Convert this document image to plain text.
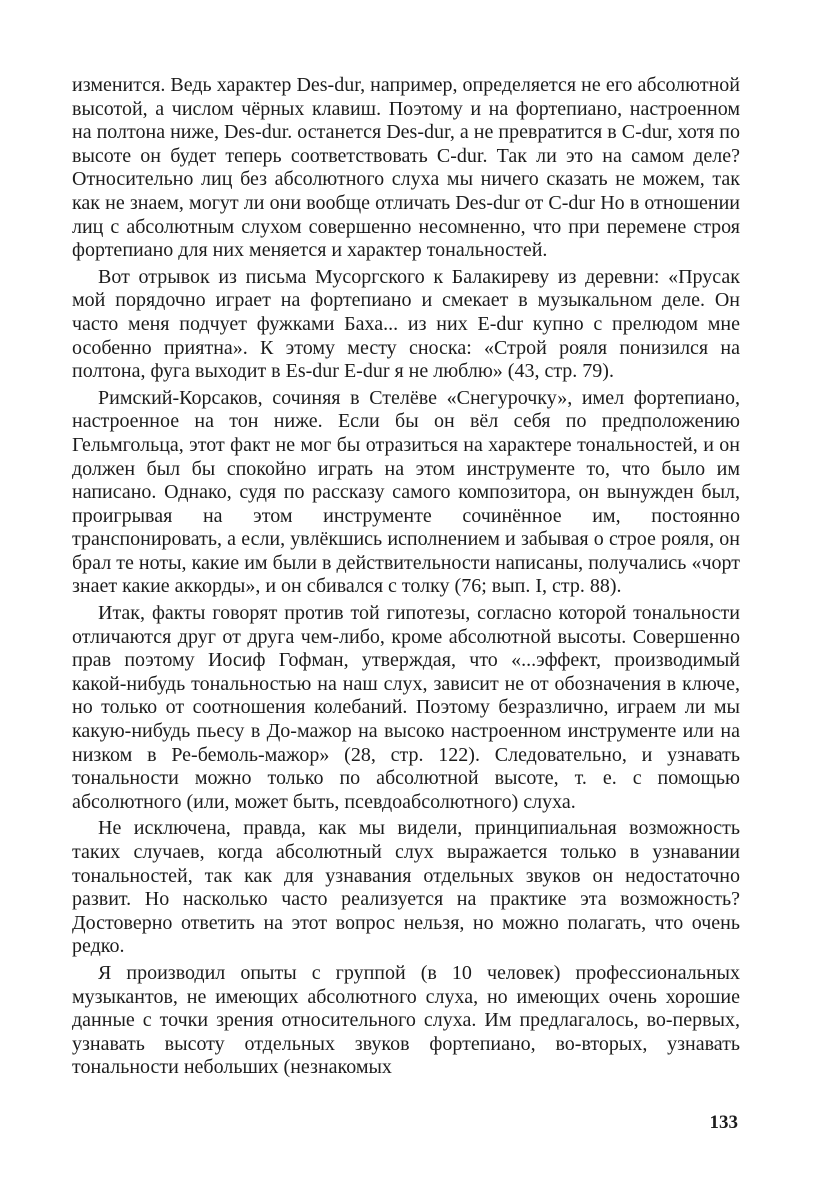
изменится. Ведь характер Des-dur, например, определяется не его абсолютной высотой, а числом чёрных клавиш. Поэтому и на фортепиано, настроенном на полтона ниже, Des-dur. останется Des-dur, а не превратится в C-dur, хотя по высоте он будет теперь соответствовать C-dur. Так ли это на самом деле? Относительно лиц без абсолютного слуха мы ничего сказать не можем, так как не знаем, могут ли они вообще отличать Des-dur от C-dur Но в отношении лиц с абсолютным слухом совершенно несомненно, что при перемене строя фортепиано для них меняется и характер тональностей.

Вот отрывок из письма Мусоргского к Балакиреву из деревни: «Прусак мой порядочно играет на фортепиано и смекает в музыкальном деле. Он часто меня подчует фужками Баха... из них E-dur купно с прелюдом мне особенно приятна». К этому месту сноска: «Строй рояля понизился на полтона, фуга выходит в Es-dur E-dur я не люблю» (43, стр. 79).

Римский-Корсаков, сочиняя в Стелёве «Снегурочку», имел фортепиано, настроенное на тон ниже. Если бы он вёл себя по предположению Гельмгольца, этот факт не мог бы отразиться на характере тональностей, и он должен был бы спокойно играть на этом инструменте то, что было им написано. Однако, судя по рассказу самого композитора, он вынужден был, проигрывая на этом инструменте сочинённое им, постоянно транспонировать, а если, увлёкшись исполнением и забывая о строе рояля, он брал те ноты, какие им были в действительности написаны, получались «чорт знает какие аккорды», и он сбивался с толку (76; вып. I, стр. 88).

Итак, факты говорят против той гипотезы, согласно которой тональности отличаются друг от друга чем-либо, кроме абсолютной высоты. Совершенно прав поэтому Иосиф Гофман, утверждая, что «...эффект, производимый какой-нибудь тональностью на наш слух, зависит не от обозначения в ключе, но только от соотношения колебаний. Поэтому безразлично, играем ли мы какую-нибудь пьесу в До-мажор на высоко настроенном инструменте или на низком в Ре-бемоль-мажор» (28, стр. 122). Следовательно, и узнавать тональности можно только по абсолютной высоте, т. е. с помощью абсолютного (или, может быть, псевдоабсолютного) слуха.

Не исключена, правда, как мы видели, принципиальная возможность таких случаев, когда абсолютный слух выражается только в узнавании тональностей, так как для узнавания отдельных звуков он недостаточно развит. Но насколько часто реализуется на практике эта возможность? Достоверно ответить на этот вопрос нельзя, но можно полагать, что очень редко.

Я производил опыты с группой (в 10 человек) профессиональных музыкантов, не имеющих абсолютного слуха, но имеющих очень хорошие данные с точки зрения относительного слуха. Им предлагалось, во-первых, узнавать высоту отдельных звуков фортепиано, во-вторых, узнавать тональности небольших (незнакомых

133
